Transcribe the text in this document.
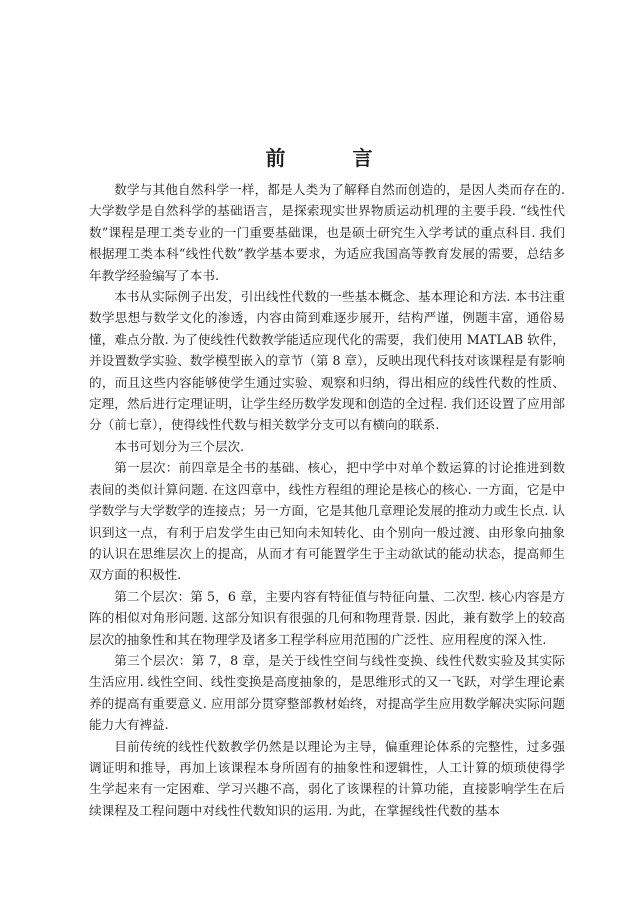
前 言

数学与其他自然科学一样，都是人类为了解释自然而创造的，是因人类而存在的. 大学数学是自然科学的基础语言，是探索现实世界物质运动机理的主要手段. “线性代数”课程是理工类专业的一门重要基础课，也是硕士研究生入学考试的重点科目. 我们根据理工类本科“线性代数”教学基本要求，为适应我国高等教育发展的需要，总结多年教学经验编写了本书.

本书从实际例子出发，引出线性代数的一些基本概念、基本理论和方法. 本书注重数学思想与数学文化的渗透，内容由简到难逐步展开，结构严谨，例题丰富，通俗易懂，难点分散. 为了使线性代数教学能适应现代化的需要，我们使用 MATLAB 软件，并设置数学实验、数学模型嵌入的章节（第 8 章），反映出现代科技对该课程是有影响的，而且这些内容能够使学生通过实验、观察和归纳，得出相应的线性代数的性质、定理，然后进行定理证明，让学生经历数学发现和创造的全过程. 我们还设置了应用部分（前七章），使得线性代数与相关数学分支可以有横向的联系.

本书可划分为三个层次.

第一层次：前四章是全书的基础、核心，把中学中对单个数运算的讨论推进到数表间的类似计算问题. 在这四章中，线性方程组的理论是核心的核心. 一方面，它是中学数学与大学数学的连接点；另一方面，它是其他几章理论发展的推动力或生长点. 认识到这一点，有利于启发学生由已知向未知转化、由个别向一般过渡、由形象向抽象的认识在思维层次上的提高，从而才有可能置学生于主动欲试的能动状态，提高师生双方面的积极性.

第二个层次：第 5，6 章，主要内容有特征值与特征向量、二次型. 核心内容是方阵的相似对角形问题. 这部分知识有很强的几何和物理背景. 因此，兼有数学上的较高层次的抽象性和其在物理学及诸多工程学科应用范围的广泛性、应用程度的深入性.

第三个层次：第 7，8 章，是关于线性空间与线性变换、线性代数实验及其实际生活应用. 线性空间、线性变换是高度抽象的，是思维形式的又一飞跃，对学生理论素养的提高有重要意义. 应用部分贯穿整部教材始终，对提高学生应用数学解决实际问题能力大有裨益.

目前传统的线性代数教学仍然是以理论为主导，偏重理论体系的完整性，过多强调证明和推导，再加上该课程本身所固有的抽象性和逻辑性，人工计算的烦琐使得学生学起来有一定困难、学习兴趣不高，弱化了该课程的计算功能，直接影响学生在后续课程及工程问题中对线性代数知识的运用. 为此，在掌握线性代数的基本
